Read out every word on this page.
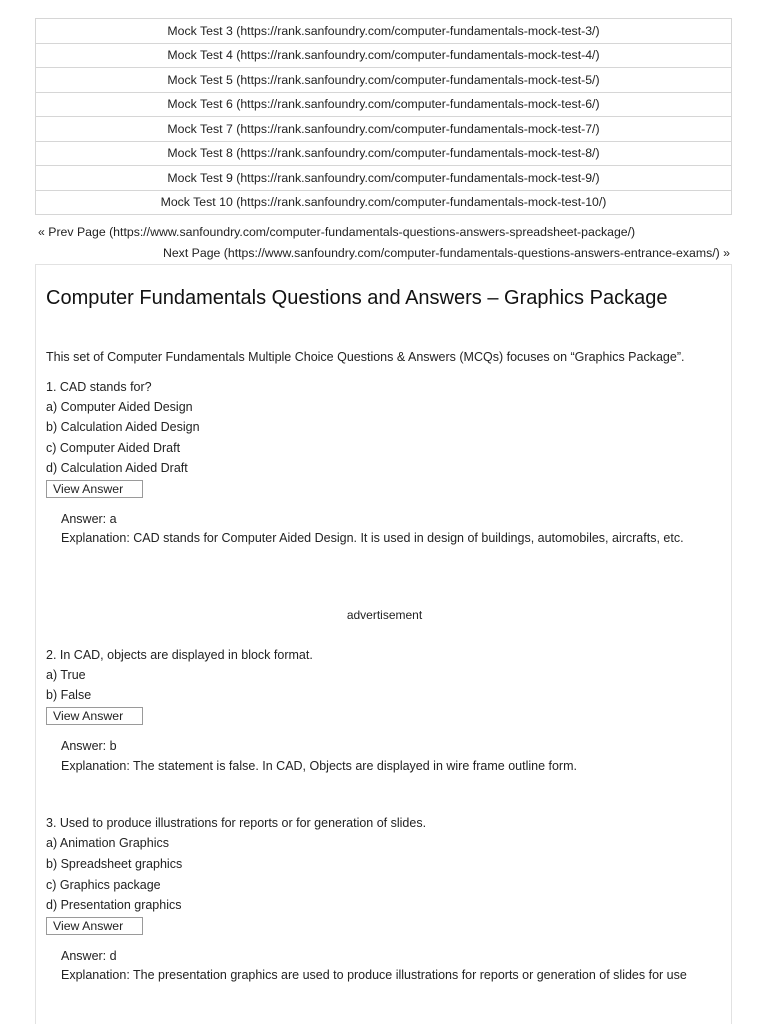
Mock Test 3 (https://rank.sanfoundry.com/computer-fundamentals-mock-test-3/)
Mock Test 4 (https://rank.sanfoundry.com/computer-fundamentals-mock-test-4/)
Mock Test 5 (https://rank.sanfoundry.com/computer-fundamentals-mock-test-5/)
Mock Test 6 (https://rank.sanfoundry.com/computer-fundamentals-mock-test-6/)
Mock Test 7 (https://rank.sanfoundry.com/computer-fundamentals-mock-test-7/)
Mock Test 8 (https://rank.sanfoundry.com/computer-fundamentals-mock-test-8/)
Mock Test 9 (https://rank.sanfoundry.com/computer-fundamentals-mock-test-9/)
Mock Test 10 (https://rank.sanfoundry.com/computer-fundamentals-mock-test-10/)
« Prev Page (https://www.sanfoundry.com/computer-fundamentals-questions-answers-spreadsheet-package/)
Next Page (https://www.sanfoundry.com/computer-fundamentals-questions-answers-entrance-exams/) »
Computer Fundamentals Questions and Answers – Graphics Package
This set of Computer Fundamentals Multiple Choice Questions & Answers (MCQs) focuses on “Graphics Package”.
1. CAD stands for?
a) Computer Aided Design
b) Calculation Aided Design
c) Computer Aided Draft
d) Calculation Aided Draft
View Answer
Answer: a
Explanation: CAD stands for Computer Aided Design. It is used in design of buildings, automobiles, aircrafts, etc.
advertisement
2. In CAD, objects are displayed in block format.
a) True
b) False
View Answer
Answer: b
Explanation: The statement is false. In CAD, Objects are displayed in wire frame outline form.
3. Used to produce illustrations for reports or for generation of slides.
a) Animation Graphics
b) Spreadsheet graphics
c) Graphics package
d) Presentation graphics
View Answer
Answer: d
Explanation: The presentation graphics are used to produce illustrations for reports or generation of slides for use
